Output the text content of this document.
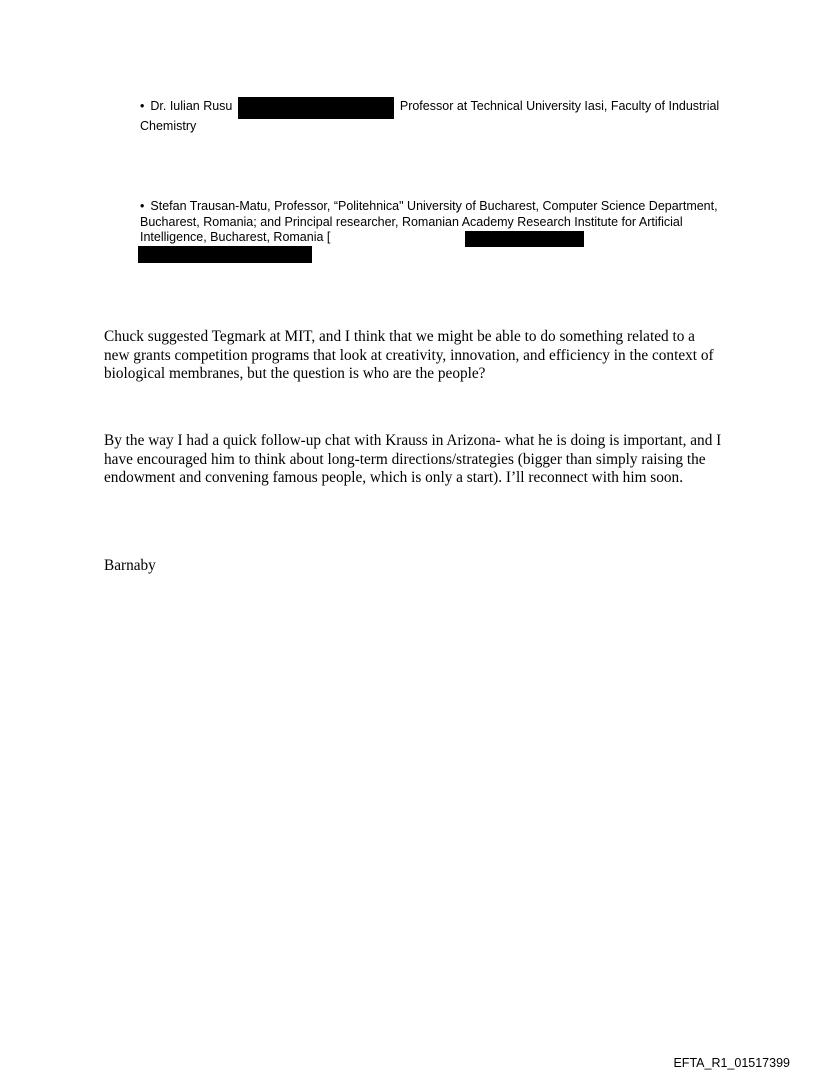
• Dr. Iulian Rusu	Professor at Technical University Iasi, Faculty of Industrial Chemistry
• Stefan Trausan-Matu, Professor, “Politehnica" University of Bucharest, Computer Science Department, Bucharest, Romania; and Principal researcher, Romanian Academy Research Institute for Artificial Intelligence, Bucharest, Romania [
Chuck suggested Tegmark at MIT, and I think that we might be able to do something related to a new grants competition programs that look at creativity, innovation, and efficiency in the context of biological membranes, but the question is who are the people?
By the way I had a quick follow-up chat with Krauss in Arizona- what he is doing is important, and I have encouraged him to think about long-term directions/strategies (bigger than simply raising the endowment and convening famous people, which is only a start). I’ll reconnect with him soon.
Barnaby
EFTA_R1_01517399
